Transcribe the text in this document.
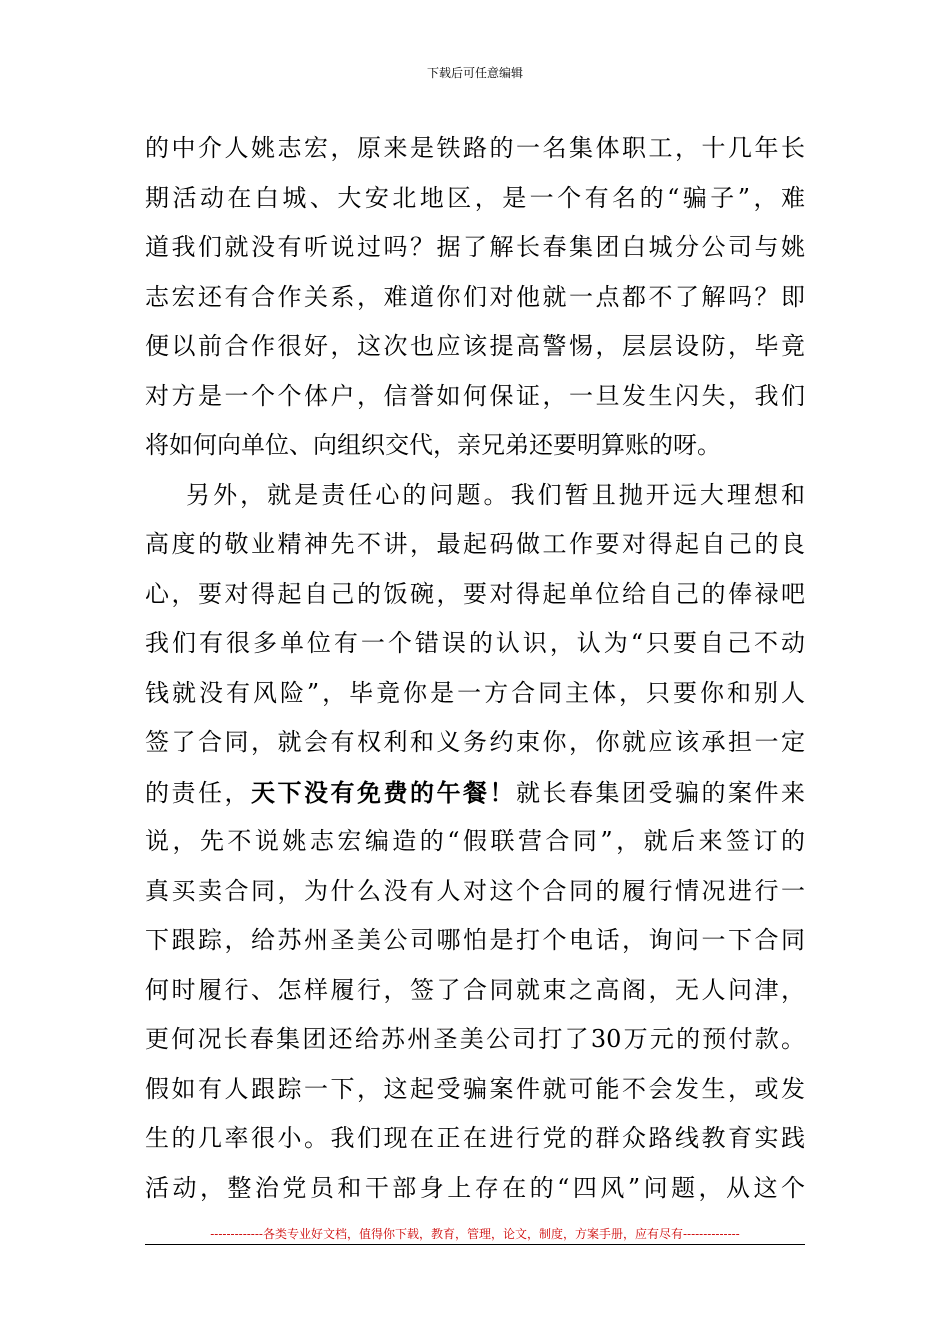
下载后可任意编辑
的中介人姚志宏，原来是铁路的一名集体职工，十几年长
期活动在白城、大安北地区，是一个有名的“骗子”，难
道我们就没有听说过吗？据了解长春集团白城分公司与姚
志宏还有合作关系，难道你们对他就一点都不了解吗？即
便以前合作很好，这次也应该提高警惕，层层设防，毕竟
对方是一个个体户，信誉如何保证，一旦发生闪失，我们
将如何向单位、向组织交代，亲兄弟还要明算账的呀。
另外，就是责任心的问题。我们暂且抛开远大理想和
高度的敬业精神先不讲，最起码做工作要对得起自己的良
心，要对得起自己的饭碗，要对得起单位给自己的俸禄吧
我们有很多单位有一个错误的认识，认为“只要自己不动
钱就没有风险”，毕竟你是一方合同主体，只要你和别人
签了合同，就会有权利和义务约束你，你就应该承担一定
的责任，天下没有免费的午餐！就长春集团受骗的案件来
说，先不说姚志宏编造的“假联营合同”，就后来签订的
真买卖合同，为什么没有人对这个合同的履行情况进行一
下跟踪，给苏州圣美公司哪怕是打个电话，询问一下合同
何时履行、怎样履行，签了合同就束之高阁，无人问津，
更何况长春集团还给苏州圣美公司打了30万元的预付款。
假如有人跟踪一下，这起受骗案件就可能不会发生，或发
生的几率很小。我们现在正在进行党的群众路线教育实践
活动，整治党员和干部身上存在的“四风”问题，从这个
-------------各类专业好文档，值得你下载，教育，管理，论文，制度，方案手册，应有尽有--------------
